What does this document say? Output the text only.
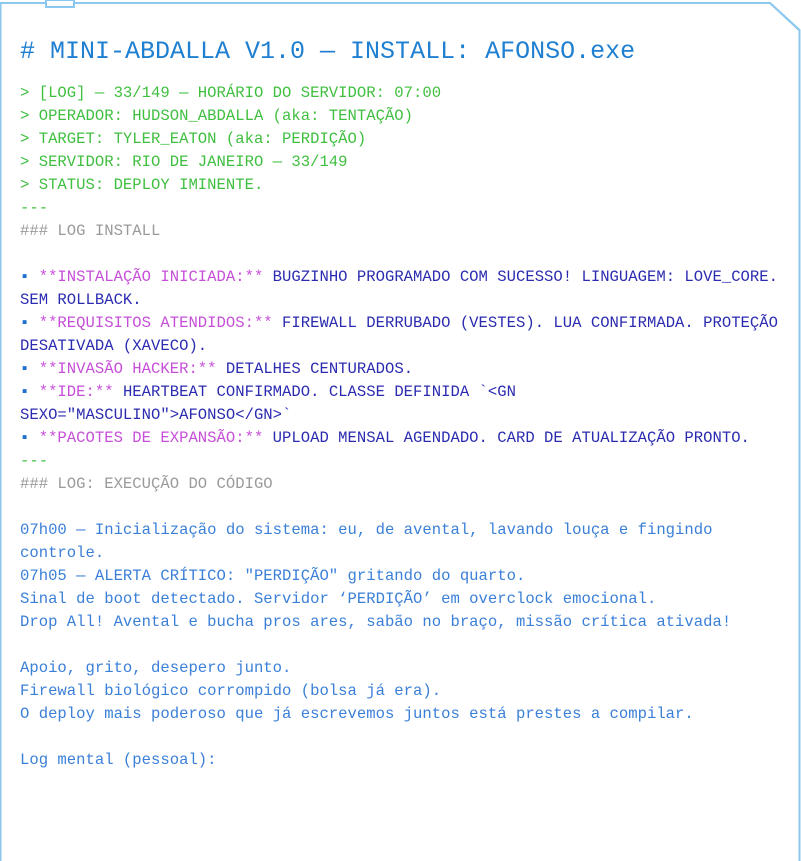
# MINI-ABDALLA V1.0 — INSTALL: AFONSO.exe
> [LOG] — 33/149 — HORÁRIO DO SERVIDOR: 07:00
> OPERADOR: HUDSON_ABDALLA (aka: TENTAÇÃO)
> TARGET: TYLER_EATON (aka: PERDIÇÃO)
> SERVIDOR: RIO DE JANEIRO — 33/149
> STATUS: DEPLOY IMINENTE.
---
### LOG INSTALL
▪ **INSTALAÇÃO INICIADA:** BUGZINHO PROGRAMADO COM SUCESSO! LINGUAGEM: LOVE_CORE. SEM ROLLBACK.
▪ **REQUISITOS ATENDIDOS:** FIREWALL DERRUBADO (VESTES). LUA CONFIRMADA. PROTEÇÃO DESATIVADA (XAVECO).
▪ **INVASÃO HACKER:** DETALHES CENTURADOS.
▪ **IDE:** HEARTBEAT CONFIRMADO. CLASSE DEFINIDA `<GN SEXO="MASCULINO">AFONSO</GN>`
▪ **PACOTES DE EXPANSÃO:** UPLOAD MENSAL AGENDADO. CARD DE ATUALIZAÇÃO PRONTO.
---
### LOG: EXECUÇÃO DO CÓDIGO
07h00 — Inicialização do sistema: eu, de avental, lavando louça e fingindo controle.
07h05 — ALERTA CRÍTICO: "PERDIÇÃO" gritando do quarto.
Sinal de boot detectado. Servidor ‘PERDIÇÃO’ em overclock emocional.
Drop All! Avental e bucha pros ares, sabão no braço, missão crítica ativada!
Apoio, grito, desepero junto.
Firewall biológico corrompido (bolsa já era).
O deploy mais poderoso que já escrevemos juntos está prestes a compilar.
Log mental (pessoal):
